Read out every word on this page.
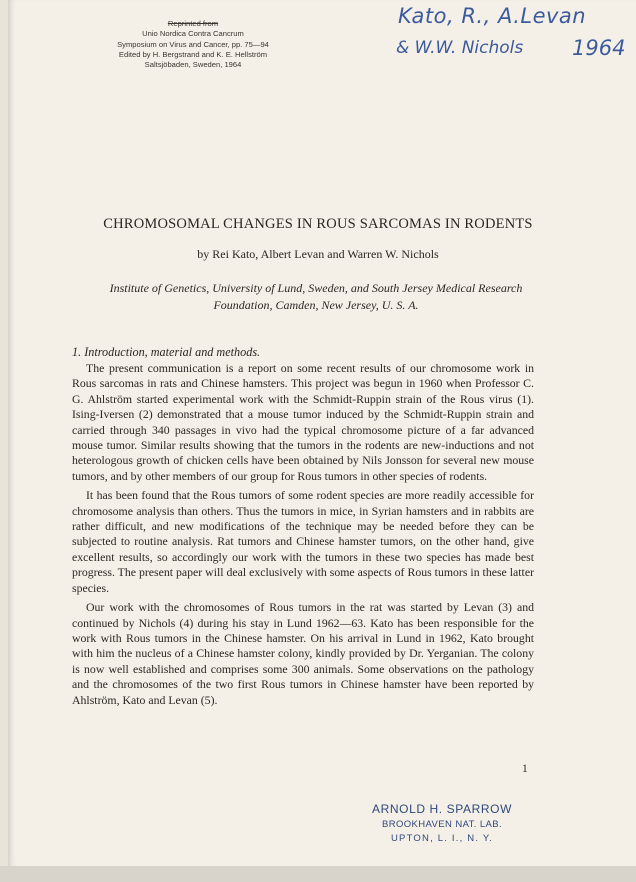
Reprinted from
Unio Nordica Contra Cancrum
Symposium on Virus and Cancer, pp. 75—94
Edited by H. Bergstrand and K. E. Hellström
Saltsjöbaden, Sweden, 1964
Kato, R., A.Levan
& W.W. Nichols 1964
CHROMOSOMAL CHANGES IN ROUS SARCOMAS IN RODENTS
by Rei Kato, Albert Levan and Warren W. Nichols
Institute of Genetics, University of Lund, Sweden, and South Jersey Medical Research Foundation, Camden, New Jersey, U. S. A.
1. Introduction, material and methods.

The present communication is a report on some recent results of our chromosome work in Rous sarcomas in rats and Chinese hamsters. This project was begun in 1960 when Professor C. G. Ahlström started experimental work with the Schmidt-Ruppin strain of the Rous virus (1). Ising-Iversen (2) demonstrated that a mouse tumor induced by the Schmidt-Ruppin strain and carried through 340 passages in vivo had the typical chromosome picture of a far advanced mouse tumor. Similar results showing that the tumors in the rodents are new-inductions and not heterologous growth of chicken cells have been obtained by Nils Jonsson for several new mouse tumors, and by other members of our group for Rous tumors in other species of rodents.

It has been found that the Rous tumors of some rodent species are more readily accessible for chromosome analysis than others. Thus the tumors in mice, in Syrian hamsters and in rabbits are rather difficult, and new modifications of the technique may be needed before they can be subjected to routine analysis. Rat tumors and Chinese hamster tumors, on the other hand, give excellent results, so accordingly our work with the tumors in these two species has made best progress. The present paper will deal exclusively with some aspects of Rous tumors in these latter species.

Our work with the chromosomes of Rous tumors in the rat was started by Levan (3) and continued by Nichols (4) during his stay in Lund 1962—63. Kato has been responsible for the work with Rous tumors in the Chinese hamster. On his arrival in Lund in 1962, Kato brought with him the nucleus of a Chinese hamster colony, kindly provided by Dr. Yerganian. The colony is now well established and comprises some 300 animals. Some observations on the pathology and the chromosomes of the two first Rous tumors in Chinese hamster have been reported by Ahlström, Kato and Levan (5).

1
ARNOLD H. SPARROW
BROOKHAVEN NAT. LAB.
UPTON, L. I., N. Y.
